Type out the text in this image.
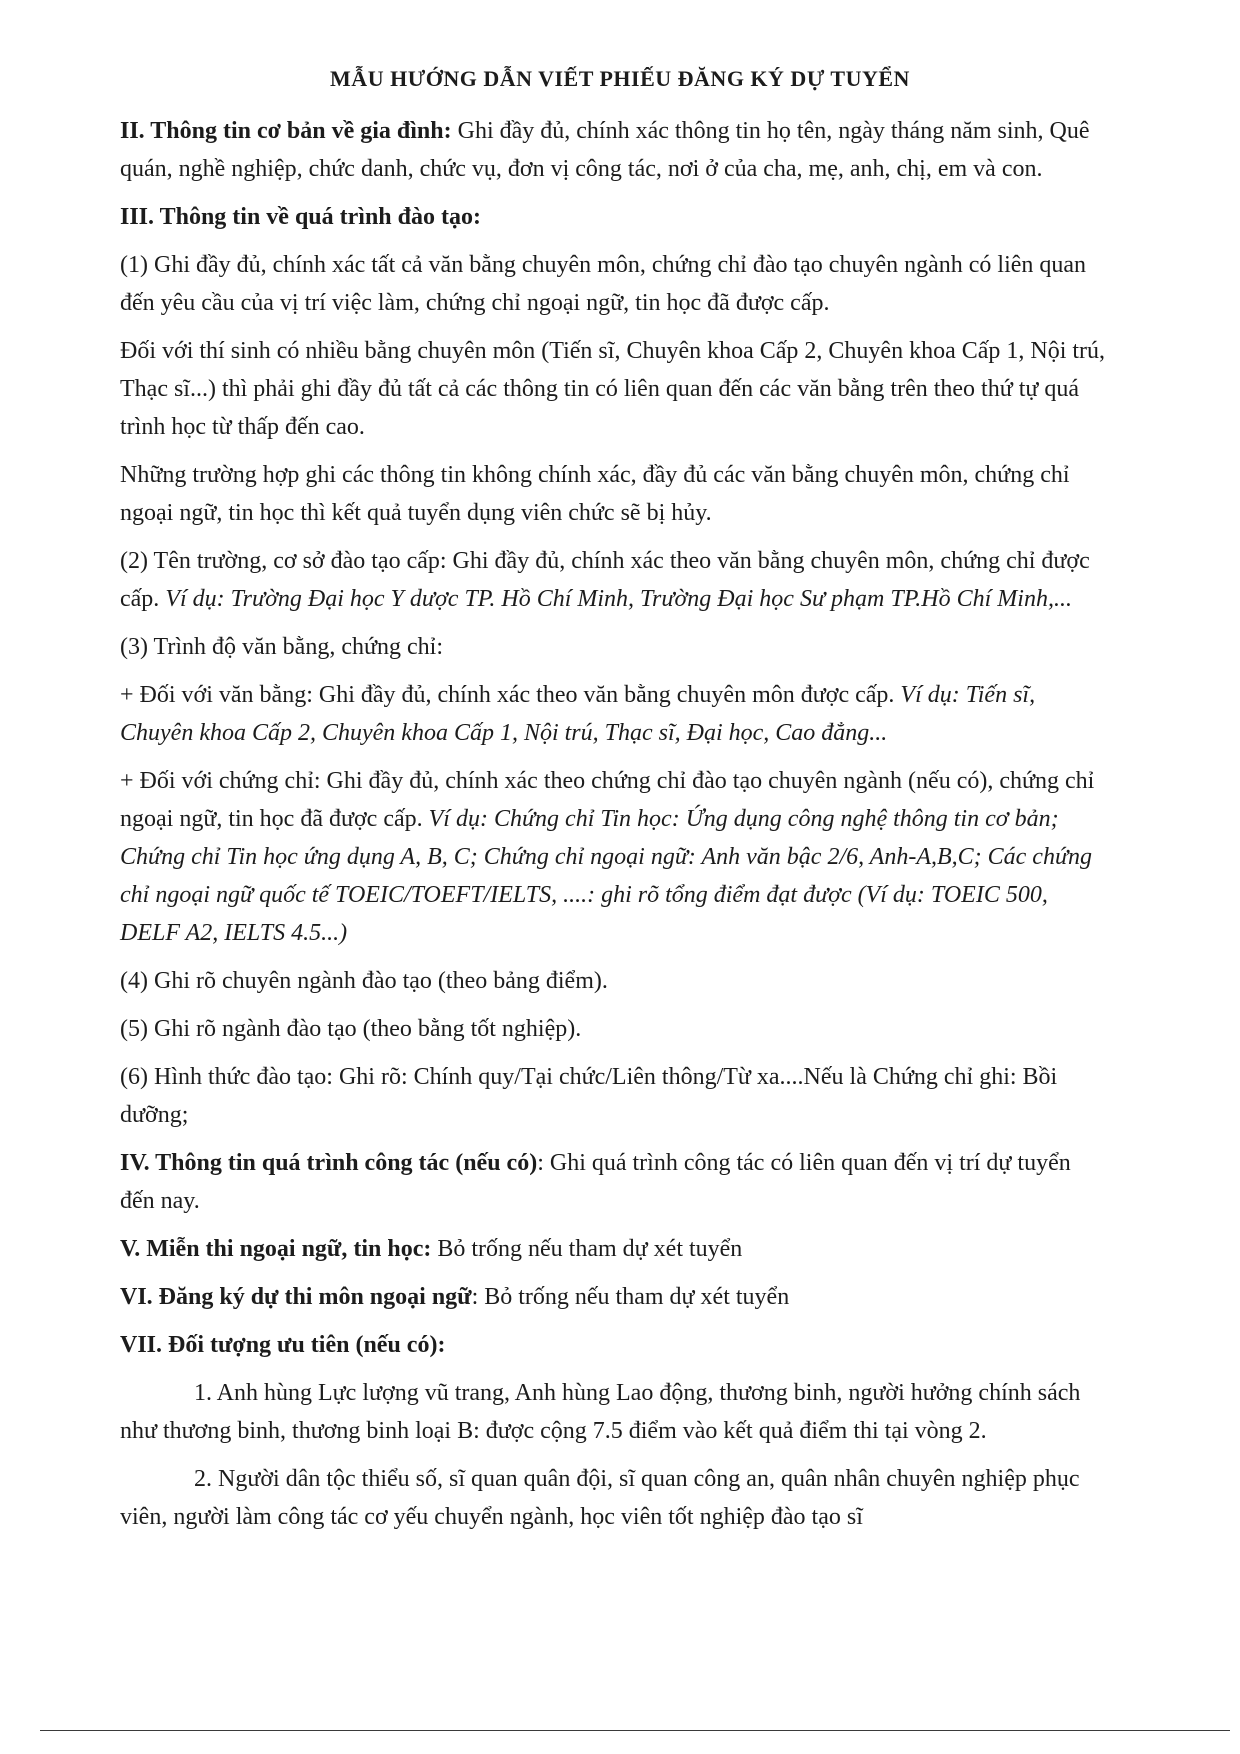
MẪU HƯỚNG DẪN VIẾT PHIẾU ĐĂNG KÝ DỰ TUYỂN

II. Thông tin cơ bản về gia đình: Ghi đầy đủ, chính xác thông tin họ tên, ngày tháng năm sinh, Quê quán, nghề nghiệp, chức danh, chức vụ, đơn vị công tác, nơi ở của cha, mẹ, anh, chị, em và con.

III. Thông tin về quá trình đào tạo:

(1) Ghi đầy đủ, chính xác tất cả văn bằng chuyên môn, chứng chỉ đào tạo chuyên ngành có liên quan đến yêu cầu của vị trí việc làm, chứng chỉ ngoại ngữ, tin học đã được cấp.

Đối với thí sinh có nhiều bằng chuyên môn (Tiến sĩ, Chuyên khoa Cấp 2, Chuyên khoa Cấp 1, Nội trú, Thạc sĩ...) thì phải ghi đầy đủ tất cả các thông tin có liên quan đến các văn bằng trên theo thứ tự quá trình học từ thấp đến cao.

Những trường hợp ghi các thông tin không chính xác, đầy đủ các văn bằng chuyên môn, chứng chỉ ngoại ngữ, tin học thì kết quả tuyển dụng viên chức sẽ bị hủy.

(2) Tên trường, cơ sở đào tạo cấp: Ghi đầy đủ, chính xác theo văn bằng chuyên môn, chứng chỉ được cấp. Ví dụ: Trường Đại học Y dược TP. Hồ Chí Minh, Trường Đại học Sư phạm TP.Hồ Chí Minh,...

(3) Trình độ văn bằng, chứng chỉ:

+ Đối với văn bằng: Ghi đầy đủ, chính xác theo văn bằng chuyên môn được cấp. Ví dụ: Tiến sĩ, Chuyên khoa Cấp 2, Chuyên khoa Cấp 1, Nội trú, Thạc sĩ, Đại học, Cao đẳng...

+ Đối với chứng chỉ: Ghi đầy đủ, chính xác theo chứng chỉ đào tạo chuyên ngành (nếu có), chứng chỉ ngoại ngữ, tin học đã được cấp. Ví dụ: Chứng chỉ Tin học: Ứng dụng công nghệ thông tin cơ bản; Chứng chỉ Tin học ứng dụng A, B, C; Chứng chỉ ngoại ngữ: Anh văn bậc 2/6, Anh-A,B,C; Các chứng chỉ ngoại ngữ quốc tế TOEIC/TOEFT/IELTS, ....: ghi rõ tổng điểm đạt được (Ví dụ: TOEIC 500, DELF A2, IELTS 4.5...)

(4) Ghi rõ chuyên ngành đào tạo (theo bảng điểm).

(5) Ghi rõ ngành đào tạo (theo bằng tốt nghiệp).

(6) Hình thức đào tạo: Ghi rõ: Chính quy/Tại chức/Liên thông/Từ xa....Nếu là Chứng chỉ ghi: Bồi dưỡng;

IV. Thông tin quá trình công tác (nếu có): Ghi quá trình công tác có liên quan đến vị trí dự tuyển đến nay.

V. Miễn thi ngoại ngữ, tin học: Bỏ trống nếu tham dự xét tuyển

VI. Đăng ký dự thi môn ngoại ngữ: Bỏ trống nếu tham dự xét tuyển

VII. Đối tượng ưu tiên (nếu có):

1. Anh hùng Lực lượng vũ trang, Anh hùng Lao động, thương binh, người hưởng chính sách như thương binh, thương binh loại B: được cộng 7.5 điểm vào kết quả điểm thi tại vòng 2.

2. Người dân tộc thiểu số, sĩ quan quân đội, sĩ quan công an, quân nhân chuyên nghiệp phục viên, người làm công tác cơ yếu chuyển ngành, học viên tốt nghiệp đào tạo sĩ
